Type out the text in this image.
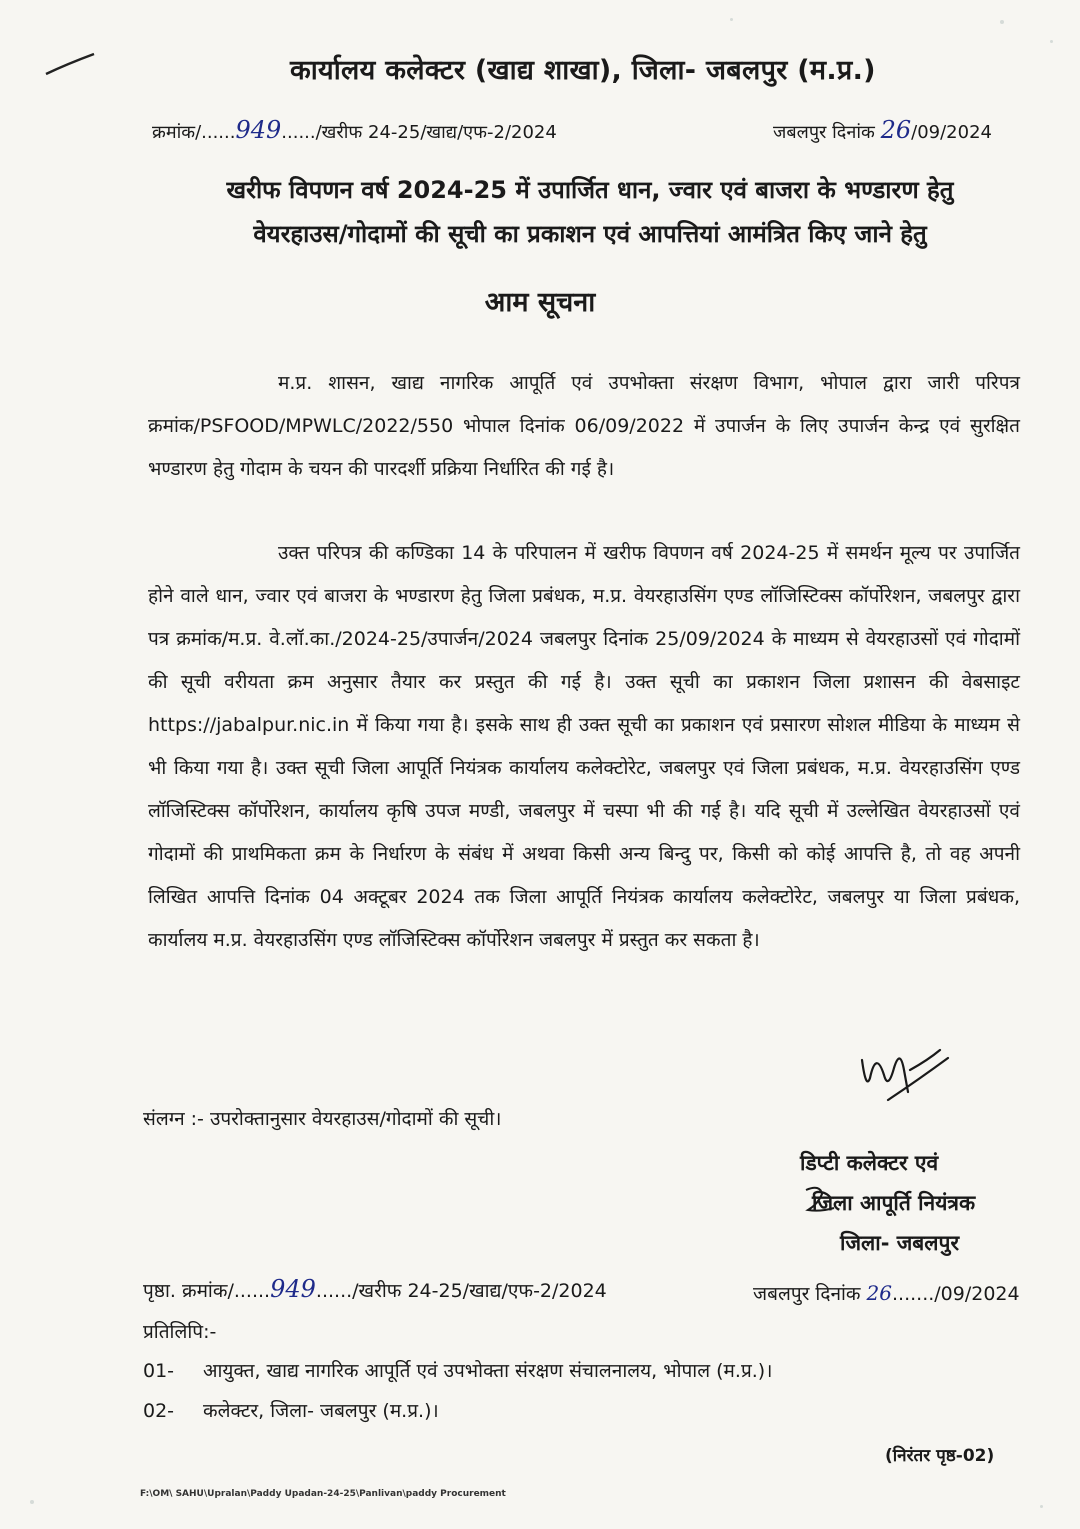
कार्यालय कलेक्टर (खाद्य शाखा), जिला- जबलपुर (म.प्र.)
क्रमांक/......949....../खरीफ 24-25/खाद्य/एफ-2/2024	जबलपुर दिनांक 26/09/2024
खरीफ विपणन वर्ष 2024-25 में उपार्जित धान, ज्वार एवं बाजरा के भण्डारण हेतु
वेयरहाउस/गोदामों की सूची का प्रकाशन एवं आपत्तियां आमंत्रित किए जाने हेतु
आम सूचना
म.प्र. शासन, खाद्य नागरिक आपूर्ति एवं उपभोक्ता संरक्षण विभाग, भोपाल द्वारा जारी परिपत्र क्रमांक/PSFOOD/MPWLC/2022/550 भोपाल दिनांक 06/09/2022 में उपार्जन के लिए उपार्जन केन्द्र एवं सुरक्षित भण्डारण हेतु गोदाम के चयन की पारदर्शी प्रक्रिया निर्धारित की गई है।
उक्त परिपत्र की कण्डिका 14 के परिपालन में खरीफ विपणन वर्ष 2024-25 में समर्थन मूल्य पर उपार्जित होने वाले धान, ज्वार एवं बाजरा के भण्डारण हेतु जिला प्रबंधक, म.प्र. वेयरहाउसिंग एण्ड लॉजिस्टिक्स कॉर्पोरेशन, जबलपुर द्वारा पत्र क्रमांक/म.प्र. वे.लॉ.का./2024-25/उपार्जन/2024 जबलपुर दिनांक 25/09/2024 के माध्यम से वेयरहाउसों एवं गोदामों की सूची वरीयता क्रम अनुसार तैयार कर प्रस्तुत की गई है। उक्त सूची का प्रकाशन जिला प्रशासन की वेबसाइट https://jabalpur.nic.in में किया गया है। इसके साथ ही उक्त सूची का प्रकाशन एवं प्रसारण सोशल मीडिया के माध्यम से भी किया गया है। उक्त सूची जिला आपूर्ति नियंत्रक कार्यालय कलेक्टोरेट, जबलपुर एवं जिला प्रबंधक, म.प्र. वेयरहाउसिंग एण्ड लॉजिस्टिक्स कॉर्पोरेशन, कार्यालय कृषि उपज मण्डी, जबलपुर में चस्पा भी की गई है। यदि सूची में उल्लेखित वेयरहाउसों एवं गोदामों की प्राथमिकता क्रम के निर्धारण के संबंध में अथवा किसी अन्य बिन्दु पर, किसी को कोई आपत्ति है, तो वह अपनी लिखित आपत्ति दिनांक 04 अक्टूबर 2024 तक जिला आपूर्ति नियंत्रक कार्यालय कलेक्टोरेट, जबलपुर या जिला प्रबंधक, कार्यालय म.प्र. वेयरहाउसिंग एण्ड लॉजिस्टिक्स कॉर्पोरेशन जबलपुर में प्रस्तुत कर सकता है।
संलग्न :- उपरोक्तानुसार वेयरहाउस/गोदामों की सूची।
डिप्टी कलेक्टर एवं
जिला आपूर्ति नियंत्रक
जिला- जबलपुर
पृष्ठा. क्रमांक/......949....../खरीफ 24-25/खाद्य/एफ-2/2024	जबलपुर दिनांक 26......./09/2024
प्रतिलिपि:-
01- आयुक्त, खाद्य नागरिक आपूर्ति एवं उपभोक्ता संरक्षण संचालनालय, भोपाल (म.प्र.)।
02- कलेक्टर, जिला- जबलपुर (म.प्र.)।
(निरंतर पृष्ठ-02)
F:\OM\ SAHU\Upralan\Paddy Upadan-24-25\Panlivan\paddy Procurement
